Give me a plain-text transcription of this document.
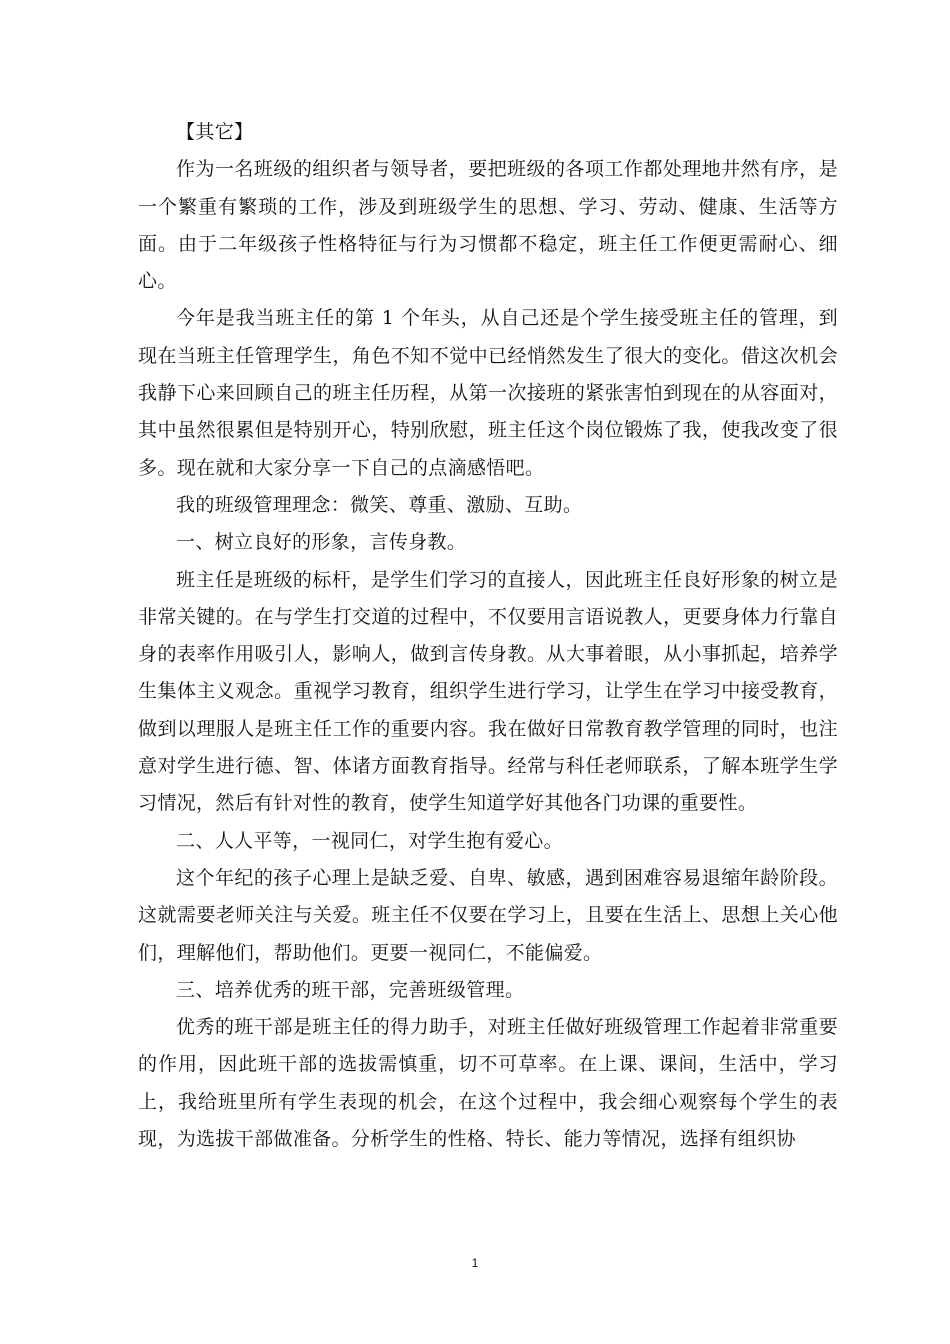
【其它】

作为一名班级的组织者与领导者，要把班级的各项工作都处理地井然有序，是一个繁重有繁琐的工作，涉及到班级学生的思想、学习、劳动、健康、生活等方面。由于二年级孩子性格特征与行为习惯都不稳定，班主任工作便更需耐心、细心。

今年是我当班主任的第 1 个年头，从自己还是个学生接受班主任的管理，到现在当班主任管理学生，角色不知不觉中已经悄然发生了很大的变化。借这次机会我静下心来回顾自己的班主任历程，从第一次接班的紧张害怕到现在的从容面对，其中虽然很累但是特别开心，特别欣慰，班主任这个岗位锻炼了我，使我改变了很多。现在就和大家分享一下自己的点滴感悟吧。

我的班级管理理念：微笑、尊重、激励、互助。

一、树立良好的形象，言传身教。

班主任是班级的标杆，是学生们学习的直接人，因此班主任良好形象的树立是非常关键的。在与学生打交道的过程中，不仅要用言语说教人，更要身体力行靠自身的表率作用吸引人，影响人，做到言传身教。从大事着眼，从小事抓起，培养学生集体主义观念。重视学习教育，组织学生进行学习，让学生在学习中接受教育，做到以理服人是班主任工作的重要内容。我在做好日常教育教学管理的同时，也注意对学生进行德、智、体诸方面教育指导。经常与科任老师联系，了解本班学生学习情况，然后有针对性的教育，使学生知道学好其他各门功课的重要性。

二、人人平等，一视同仁，对学生抱有爱心。

这个年纪的孩子心理上是缺乏爱、自卑、敏感，遇到困难容易退缩年龄阶段。这就需要老师关注与关爱。班主任不仅要在学习上，且要在生活上、思想上关心他们，理解他们，帮助他们。更要一视同仁，不能偏爱。

三、培养优秀的班干部，完善班级管理。

优秀的班干部是班主任的得力助手，对班主任做好班级管理工作起着非常重要的作用，因此班干部的选拔需慎重，切不可草率。在上课、课间，生活中，学习上，我给班里所有学生表现的机会，在这个过程中，我会细心观察每个学生的表现，为选拔干部做准备。分析学生的性格、特长、能力等情况，选择有组织协

1
